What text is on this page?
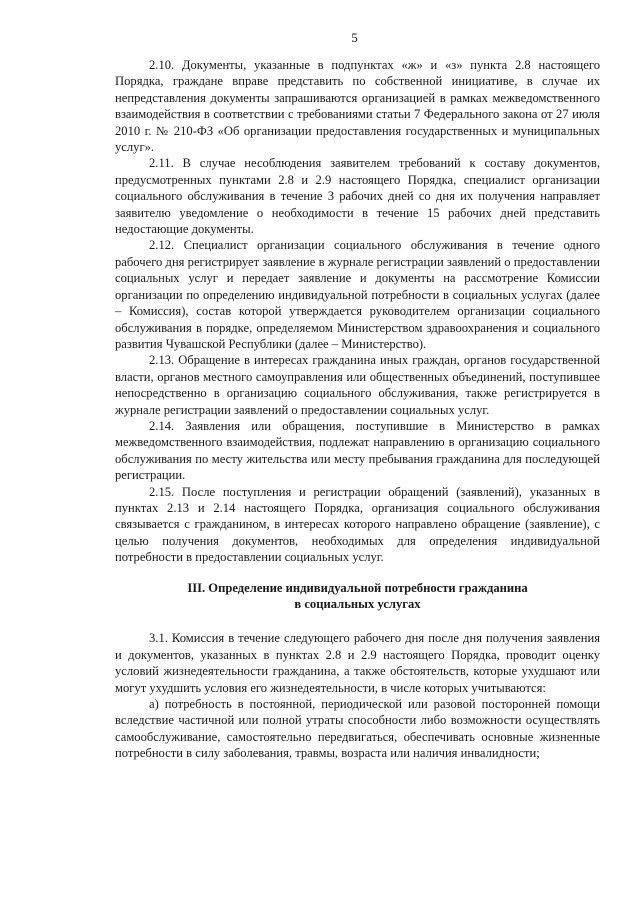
5

2.10. Документы, указанные в подпунктах «ж» и «з» пункта 2.8 настоящего Порядка, граждане вправе представить по собственной инициативе, в случае их непредставления документы запрашиваются организацией в рамках межведомственного взаимодействия в соответствии с требованиями статьи 7 Федерального закона от 27 июля 2010 г. № 210-ФЗ «Об организации предоставления государственных и муниципальных услуг».

2.11. В случае несоблюдения заявителем требований к составу документов, предусмотренных пунктами 2.8 и 2.9 настоящего Порядка, специалист организации социального обслуживания в течение 3 рабочих дней со дня их получения направляет заявителю уведомление о необходимости в течение 15 рабочих дней представить недостающие документы.

2.12. Специалист организации социального обслуживания в течение одного рабочего дня регистрирует заявление в журнале регистрации заявлений о предоставлении социальных услуг и передает заявление и документы на рассмотрение Комиссии организации по определению индивидуальной потребности в социальных услугах (далее – Комиссия), состав которой утверждается руководителем организации социального обслуживания в порядке, определяемом Министерством здравоохранения и социального развития Чувашской Республики (далее – Министерство).

2.13. Обращение в интересах гражданина иных граждан, органов государственной власти, органов местного самоуправления или общественных объединений, поступившее непосредственно в организацию социального обслуживания, также регистрируется в журнале регистрации заявлений о предоставлении социальных услуг.

2.14. Заявления или обращения, поступившие в Министерство в рамках межведомственного взаимодействия, подлежат направлению в организацию социального обслуживания по месту жительства или месту пребывания гражданина для последующей регистрации.

2.15. После поступления и регистрации обращений (заявлений), указанных в пунктах 2.13 и 2.14 настоящего Порядка, организация социального обслуживания связывается с гражданином, в интересах которого направлено обращение (заявление), с целью получения документов, необходимых для определения индивидуальной потребности в предоставлении социальных услуг.

III. Определение индивидуальной потребности гражданина
в социальных услугах

3.1. Комиссия в течение следующего рабочего дня после дня получения заявления и документов, указанных в пунктах 2.8 и 2.9 настоящего Порядка, проводит оценку условий жизнедеятельности гражданина, а также обстоятельств, которые ухудшают или могут ухудшить условия его жизнедеятельности, в числе которых учитываются:

а) потребность в постоянной, периодической или разовой посторонней помощи вследствие частичной или полной утраты способности либо возможности осуществлять самообслуживание, самостоятельно передвигаться, обеспечивать основные жизненные потребности в силу заболевания, травмы, возраста или наличия инвалидности;
